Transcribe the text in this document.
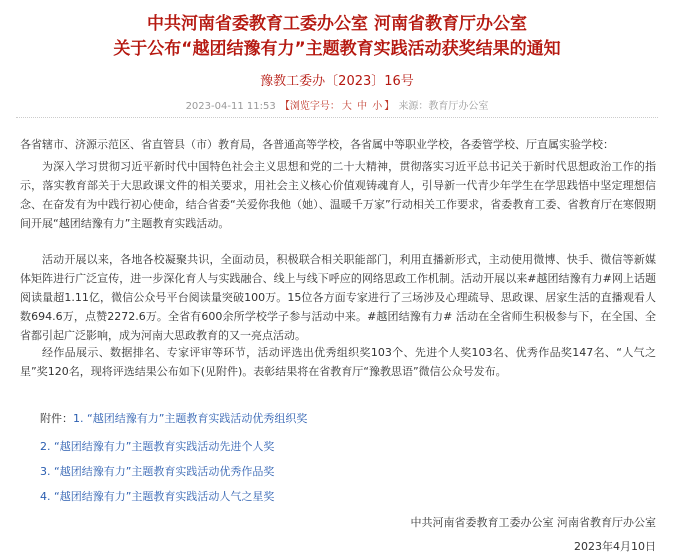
中共河南省委教育工委办公室 河南省教育厅办公室
关于公布“越团结豫有力”主题教育实践活动获奖结果的通知
豫教工委办〔2023〕16号
2023-04-11 11:53 【浏览字号： 大 中 小 】 来源：教育厅办公室

各省辖市、济源示范区、省直管县（市）教育局，各普通高等学校，各省属中等职业学校，各委管学校、厅直属实验学校：

为深入学习贯彻习近平新时代中国特色社会主义思想和党的二十大精神，贯彻落实习近平总书记关于新时代思想政治工作的指示，落实教育部关于大思政课文件的相关要求，用社会主义核心价值观铸魂育人，引导新一代青少年学生在学思践悟中坚定理想信念、在奋发有为中践行初心使命，结合省委“关爱你我他（她）、温暖千万家”行动相关工作要求，省委教育工委、省教育厅在寒假期间开展“越团结豫有力”主题教育实践活动。

活动开展以来，各地各校凝聚共识，全面动员，积极联合相关职能部门，利用直播新形式，主动使用微博、快手、微信等新媒体矩阵进行广泛宣传，进一步深化育人与实践融合、线上与线下呼应的网络思政工作机制。活动开展以来#越团结豫有力#网上话题阅读量超1.11亿，微信公众号平台阅读量突破100万。15位各方面专家进行了三场涉及心理疏导、思政课、居家生活的直播观看人数694.6万，点赞2272.6万。全省有600余所学校学子参与活动中来。#越团结豫有力# 活动在全省师生积极参与下，在全国、全省都引起广泛影响，成为河南大思政教育的又一亮点活动。

经作品展示、数据排名、专家评审等环节，活动评选出优秀组织奖103个、先进个人奖103名、优秀作品奖147名、“人气之星”奖120名，现将评选结果公布如下(见附件)。表彰结果将在省教育厅“豫教思语”微信公众号发布。

附件：1. “越团结豫有力”主题教育实践活动优秀组织奖
2. “越团结豫有力”主题教育实践活动先进个人奖
3. “越团结豫有力”主题教育实践活动优秀作品奖
4. “越团结豫有力”主题教育实践活动人气之星奖
中共河南省委教育工委办公室 河南省教育厅办公室
2023年4月10日
